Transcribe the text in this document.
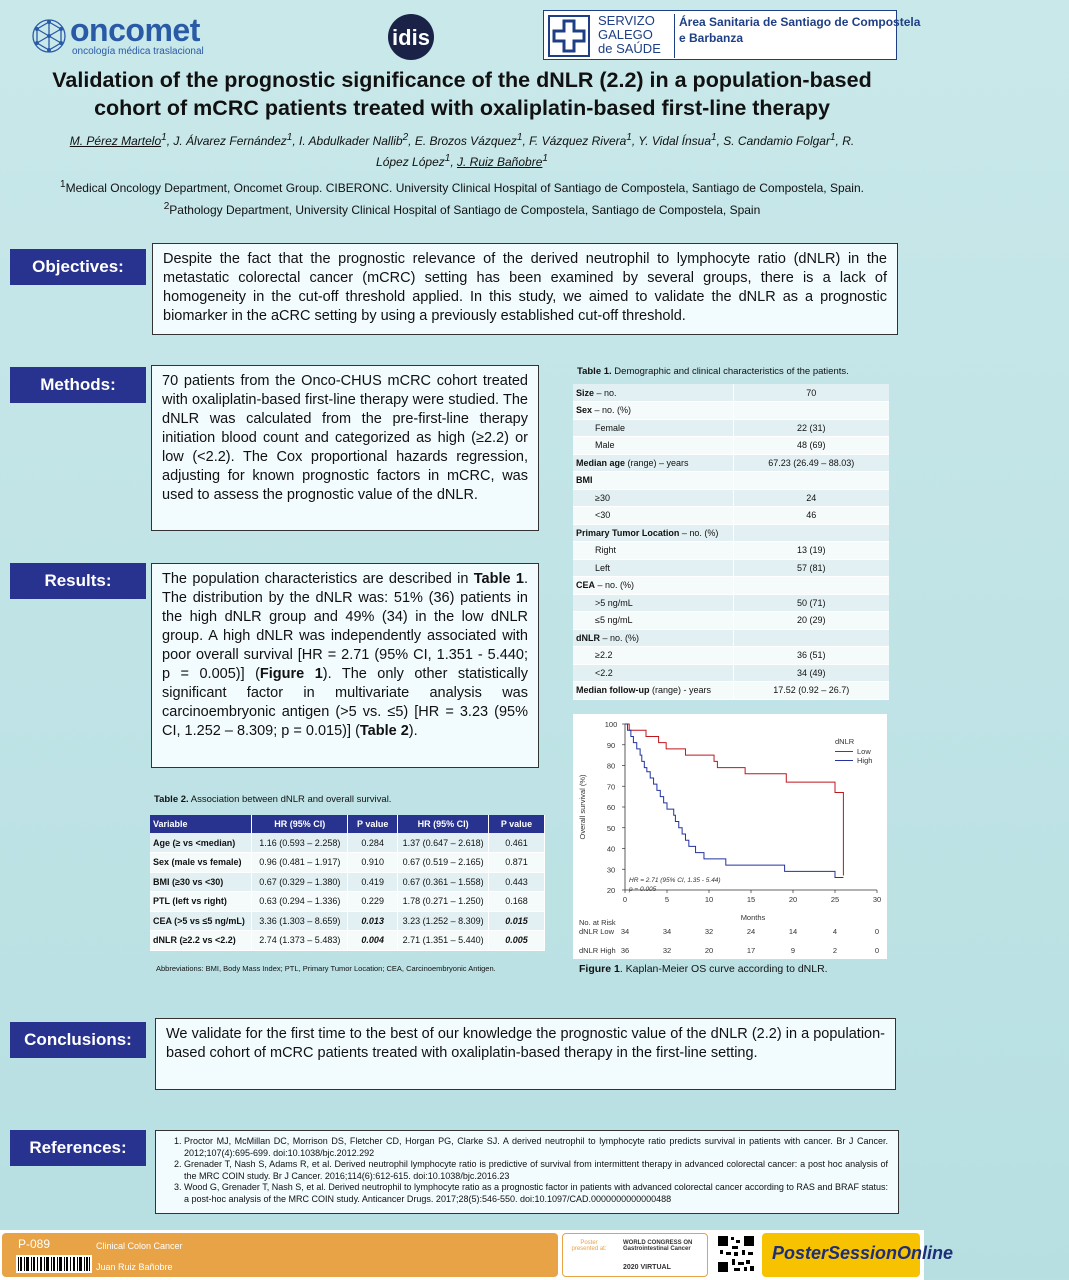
oncomet
oncología médica traslacional
idis
SERVIZO
GALEGO
de SAÚDE
Área Sanitaria de Santiago de Compostela
e Barbanza
Validation of the prognostic significance of the dNLR (2.2) in a population-based
cohort of mCRC patients treated with oxaliplatin-based first-line therapy
M. Pérez Martelo$^1$, J. Álvarez Fernández$^1$, I. Abdulkader Nallib$^2$, E. Brozos Vázquez$^1$, F. Vázquez Rivera$^1$, Y. Vidal Ínsua$^1$, S. Candamio Folgar$^1$, R.
López López$^1$, J. Ruiz Bañobre$^1$
$^1$Medical Oncology Department, Oncomet Group. CIBERONC. University Clinical Hospital of Santiago de Compostela, Santiago de Compostela, Spain.
$^2$Pathology Department, University Clinical Hospital of Santiago de Compostela, Santiago de Compostela, Spain
Objectives:	Despite the fact that the prognostic relevance of the derived neutrophil to lymphocyte ratio (dNLR) in the metastatic colorectal cancer (mCRC) setting has been examined by several groups, there is a lack of homogeneity in the cut-off threshold applied. In this study, we aimed to validate the dNLR as a prognostic biomarker in the aCRC setting by using a previously established cut-off threshold.
Methods:	70 patients from the Onco-CHUS mCRC cohort treated with oxaliplatin-based first-line therapy were studied. The dNLR was calculated from the pre-first-line therapy initiation blood count and categorized as high (≥2.2) or low (<2.2). The Cox proportional hazards regression, adjusting for known prognostic factors in mCRC, was used to assess the prognostic value of the dNLR.
Results:	The population characteristics are described in Table 1. The distribution by the dNLR was: 51% (36) patients in the high dNLR group and 49% (34) in the low dNLR group. A high dNLR was independently associated with poor overall survival [HR = 2.71 (95% CI, 1.351 - 5.440; p = 0.005)] (Figure 1). The only other statistically significant factor in multivariate analysis was carcinoembryonic antigen (>5 vs. ≤5) [HR = 3.23 (95% CI, 1.252 – 8.309; p = 0.015)] (Table 2).
Table 1. Demographic and clinical characteristics of the patients.
Size – no.	70
Sex – no. (%)	
Female	22 (31)
Male	48 (69)
Median age (range) – years	67.23 (26.49 – 88.03)
BMI	
≥30	24
<30	46
Primary Tumor Location – no. (%)	
Right	13 (19)
Left	57 (81)
CEA – no. (%)	
>5 ng/mL	50 (71)
≤5 ng/mL	20 (29)
dNLR – no. (%)	
≥2.2	36 (51)
<2.2	34 (49)
Median follow-up (range) - years	17.52 (0.92 – 26.7)
Table 2. Association between dNLR and overall survival.
Variable	HR (95% CI)	P value	HR (95% CI)	P value
Age (≥ vs <median)	1.16 (0.593 – 2.258)	0.284	1.37 (0.647 – 2.618)	0.461
Sex (male vs female)	0.96 (0.481 – 1.917)	0.910	0.67 (0.519 – 2.165)	0.871
BMI (≥30 vs <30)	0.67 (0.329 – 1.380)	0.419	0.67 (0.361 – 1.558)	0.443
PTL (left vs right)	0.63 (0.294 – 1.336)	0.229	1.78 (0.271 – 1.250)	0.168
CEA (>5 vs ≤5 ng/mL)	3.36 (1.303 – 8.659)	0.013	3.23 (1.252 – 8.309)	0.015
dNLR (≥2.2 vs <2.2)	2.74 (1.373 – 5.483)	0.004	2.71 (1.351 – 5.440)	0.005
Abbreviations: BMI, Body Mass Index; PTL, Primary Tumor Location; CEA, Carcinoembryonic Antigen.
20
30
40
50
60
70
80
90
100
0	5	10	15	20	25	30
Months
Overall survival (%)
dNLR
Low
High
HR = 2.71 (95% CI, 1.35 - 5.44)
p = 0.005
No. at Risk
dNLR Low 34	34	32	24	14	4	0
dNLR High 36	32	20	17	9	2	0
Figure 1. Kaplan-Meier OS curve according to dNLR.
Conclusions:	We validate for the first time to the best of our knowledge the prognostic value of the dNLR (2.2) in a population-based cohort of mCRC patients treated with oxaliplatin-based therapy in the first-line setting.
References:	1. Proctor MJ, McMillan DC, Morrison DS, Fletcher CD, Horgan PG, Clarke SJ. A derived neutrophil to lymphocyte ratio predicts survival in patients with cancer. Br J Cancer. 2012;107(4):695-699. doi:10.1038/bjc.2012.292
2. Grenader T, Nash S, Adams R, et al. Derived neutrophil lymphocyte ratio is predictive of survival from intermittent therapy in advanced colorectal cancer: a post hoc analysis of the MRC COIN study. Br J Cancer. 2016;114(6):612-615. doi:10.1038/bjc.2016.23
3. Wood G, Grenader T, Nash S, et al. Derived neutrophil to lymphocyte ratio as a prognostic factor in patients with advanced colorectal cancer according to RAS and BRAF status: a post-hoc analysis of the MRC COIN study. Anticancer Drugs. 2017;28(5):546-550. doi:10.1097/CAD.0000000000000488
P-089	Clinical Colon Cancer
Juan Ruiz Bañobre
Poster presented at:
WORLD CONGRESS ON Gastrointestinal Cancer
2020 VIRTUAL
PosterSessionOnline
